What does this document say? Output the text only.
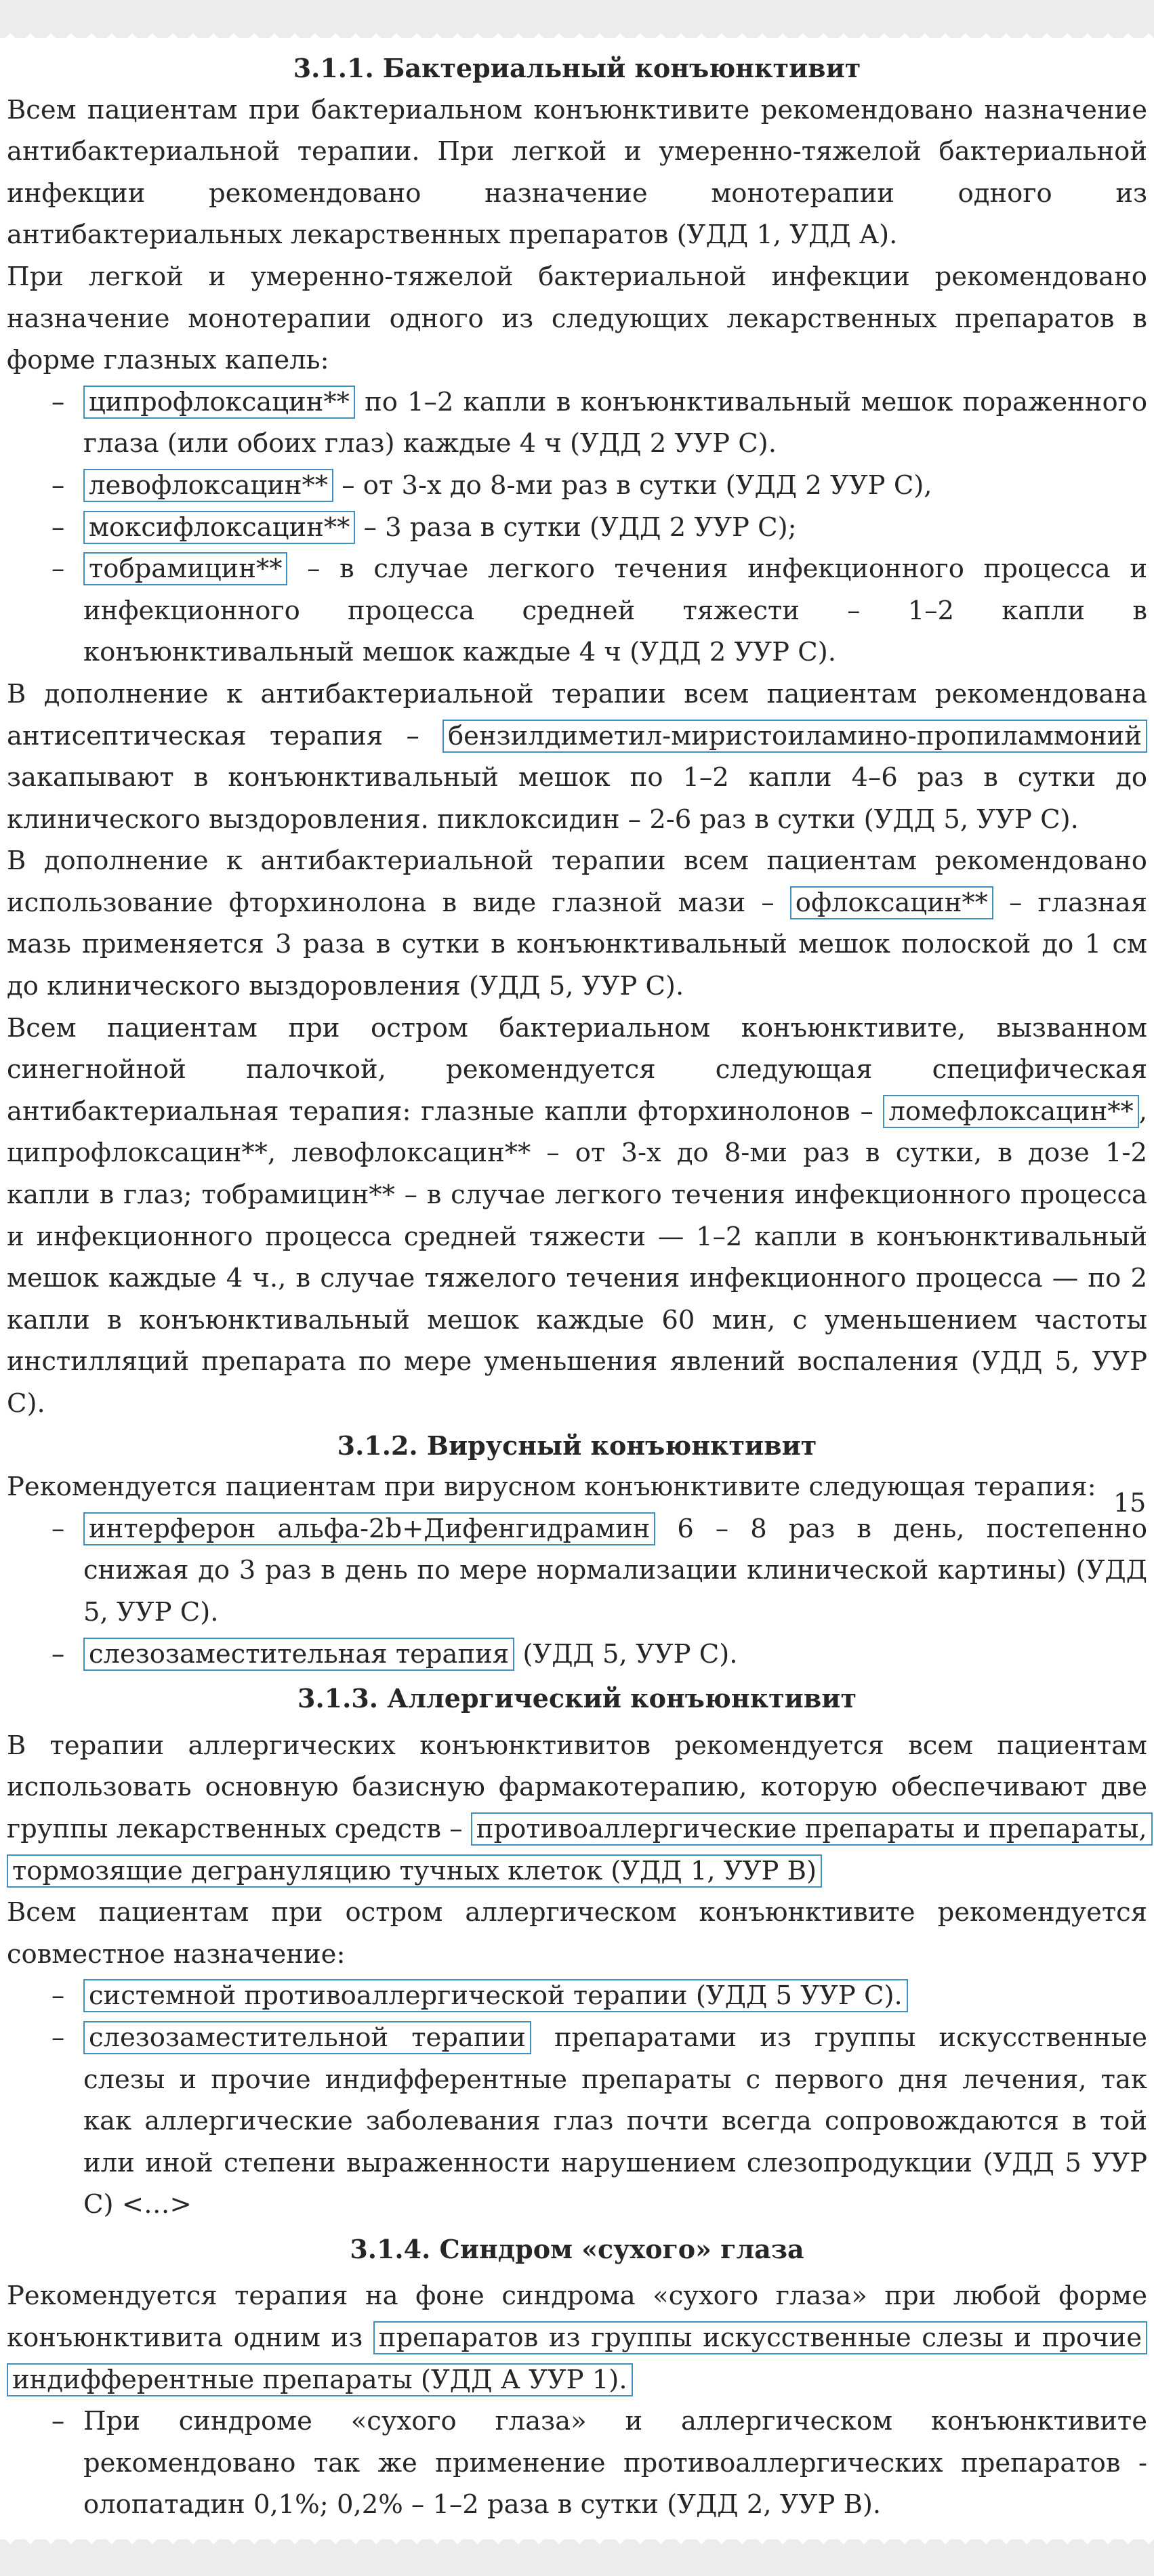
3.1.1. Бактериальный конъюнктивит

Всем пациентам при бактериальном конъюнктивите рекомендовано назначение антибактериальной терапии. При легкой и умеренно-тяжелой бактериальной инфекции рекомендовано назначение монотерапии одного из антибактериальных лекарственных препаратов (УДД 1, УДД А).

При легкой и умеренно-тяжелой бактериальной инфекции рекомендовано назначение монотерапии одного из следующих лекарственных препаратов в форме глазных капель:

– ципрофлоксацин** по 1–2 капли в конъюнктивальный мешок пораженного глаза (или обоих глаз) каждые 4 ч (УДД 2 УУР С).
– левофлоксацин** – от 3-х до 8-ми раз в сутки (УДД 2 УУР С),
– моксифлоксацин** – 3 раза в сутки (УДД 2 УУР С);
– тобрамицин** – в случае легкого течения инфекционного процесса и инфекционного процесса средней тяжести – 1–2 капли в конъюнктивальный мешок каждые 4 ч (УДД 2 УУР С).

В дополнение к антибактериальной терапии всем пациентам рекомендована антисептическая терапия – бензилдиметил-миристоиламино-пропиламмоний закапывают в конъюнктивальный мешок по 1–2 капли 4–6 раз в сутки до клинического выздоровления. пиклоксидин – 2-6 раз в сутки (УДД 5, УУР С).

В дополнение к антибактериальной терапии всем пациентам рекомендовано использование фторхинолона в виде глазной мази – офлоксацин** – глазная мазь применяется 3 раза в сутки в конъюнктивальный мешок полоской до 1 см до клинического выздоровления (УДД 5, УУР С).

Всем пациентам при остром бактериальном конъюнктивите, вызванном синегнойной палочкой, рекомендуется следующая специфическая антибактериальная терапия: глазные капли фторхинолонов – ломефлоксацин** , ципрофлоксацин**, левофлоксацин** – от 3-х до 8-ми раз в сутки, в дозе 1-2 капли в глаз; тобрамицин** – в случае легкого течения инфекционного процесса и инфекционного процесса средней тяжести — 1–2 капли в конъюнктивальный мешок каждые 4 ч., в случае тяжелого течения инфекционного процесса — по 2 капли в конъюнктивальный мешок каждые 60 мин, с уменьшением частоты инстилляций препарата по мере уменьшения явлений воспаления (УДД 5, УУР С).

3.1.2. Вирусный конъюнктивит

Рекомендуется пациентам при вирусном конъюнктивите следующая терапия:

– интерферон альфа-2b+Дифенгидрамин 6 – 8 раз в день, постепенно снижая до 3 раз в день по мере нормализации клинической картины) (УДД 5, УУР С).
– слезозаместительная терапия (УДД 5, УУР С).
3.1.3. Аллергический конъюнктивит

В терапии аллергических конъюнктивитов рекомендуется всем пациентам использовать основную базисную фармакотерапию, которую обеспечивают две группы лекарственных средств – противоаллергические препараты и препараты, тормозящие дегрануляцию тучных клеток (УДД 1, УУР В)

Всем пациентам при остром аллергическом конъюнктивите рекомендуется совместное назначение:

– системной противоаллергической терапии (УДД 5 УУР С).
– слезозаместительной терапии препаратами из группы искусственные слезы и прочие индифферентные препараты с первого дня лечения, так как аллергические заболевания глаз почти всегда сопровождаются в той или иной степени выраженности нарушением слезопродукции (УДД 5 УУР С) <…>
3.1.4. Синдром «сухого» глаза

Рекомендуется терапия на фоне синдрома «сухого глаза» при любой форме конъюнктивита одним из препаратов из группы искусственные слезы и прочие индифферентные препараты (УДД А УУР 1).

– При синдроме «сухого глаза» и аллергическом конъюнктивите рекомендовано так же применение противоаллергических препаратов - олопатадин 0,1%; 0,2% – 1–2 раза в сутки (УДД 2, УУР В).
15
